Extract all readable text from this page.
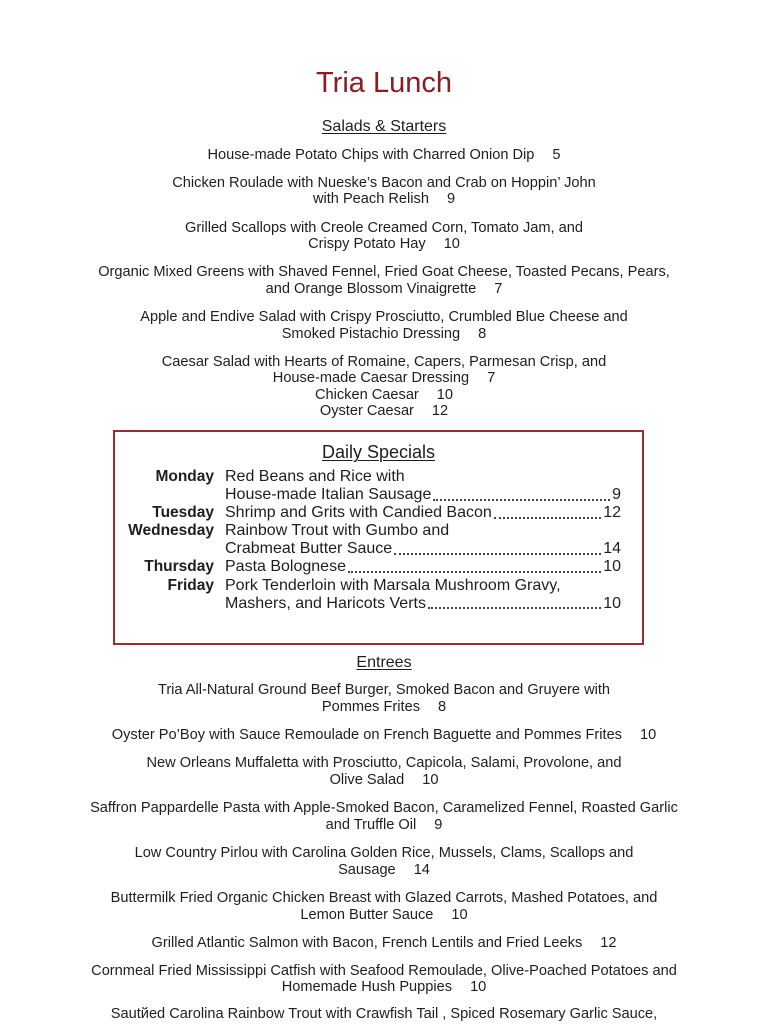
Tria Lunch
Salads & Starters
House-made Potato Chips with Charred Onion Dip 5
Chicken Roulade with Nueske’s Bacon and Crab on Hoppin’ John
with Peach Relish 9
Grilled Scallops with Creole Creamed Corn, Tomato Jam, and
Crispy Potato Hay 10
Organic Mixed Greens with Shaved Fennel, Fried Goat Cheese, Toasted Pecans, Pears,
and Orange Blossom Vinaigrette 7
Apple and Endive Salad with Crispy Prosciutto, Crumbled Blue Cheese and
Smoked Pistachio Dressing 8
Caesar Salad with Hearts of Romaine, Capers, Parmesan Crisp, and
House-made Caesar Dressing 7
Chicken Caesar 10
Oyster Caesar 12
Daily Specials
Monday Red Beans and Rice with
House-made Italian Sausage	9
Tuesday Shrimp and Grits with Candied Bacon	12
Wednesday Rainbow Trout with Gumbo and
Crabmeat Butter Sauce	14
Thursday Pasta Bolognese	10
Friday Pork Tenderloin with Marsala Mushroom Gravy,
Mashers, and Haricots Verts	10
Entrees
Tria All-Natural Ground Beef Burger, Smoked Bacon and Gruyere with
Pommes Frites 8
Oyster Po’Boy with Sauce Remoulade on French Baguette and Pommes Frites 10
New Orleans Muffaletta with Prosciutto, Capicola, Salami, Provolone, and
Olive Salad 10
Saffron Pappardelle Pasta with Apple-Smoked Bacon, Caramelized Fennel, Roasted Garlic
and Truffle Oil 9
Low Country Pirlou with Carolina Golden Rice, Mussels, Clams, Scallops and
Sausage 14
Buttermilk Fried Organic Chicken Breast with Glazed Carrots, Mashed Potatoes, and
Lemon Butter Sauce 10
Grilled Atlantic Salmon with Bacon, French Lentils and Fried Leeks 12
Cornmeal Fried Mississippi Catfish with Seafood Remoulade, Olive-Poached Potatoes and
Homemade Hush Puppies 10
Sautйed Carolina Rainbow Trout with Crawfish Tail , Spiced Rosemary Garlic Sauce,
